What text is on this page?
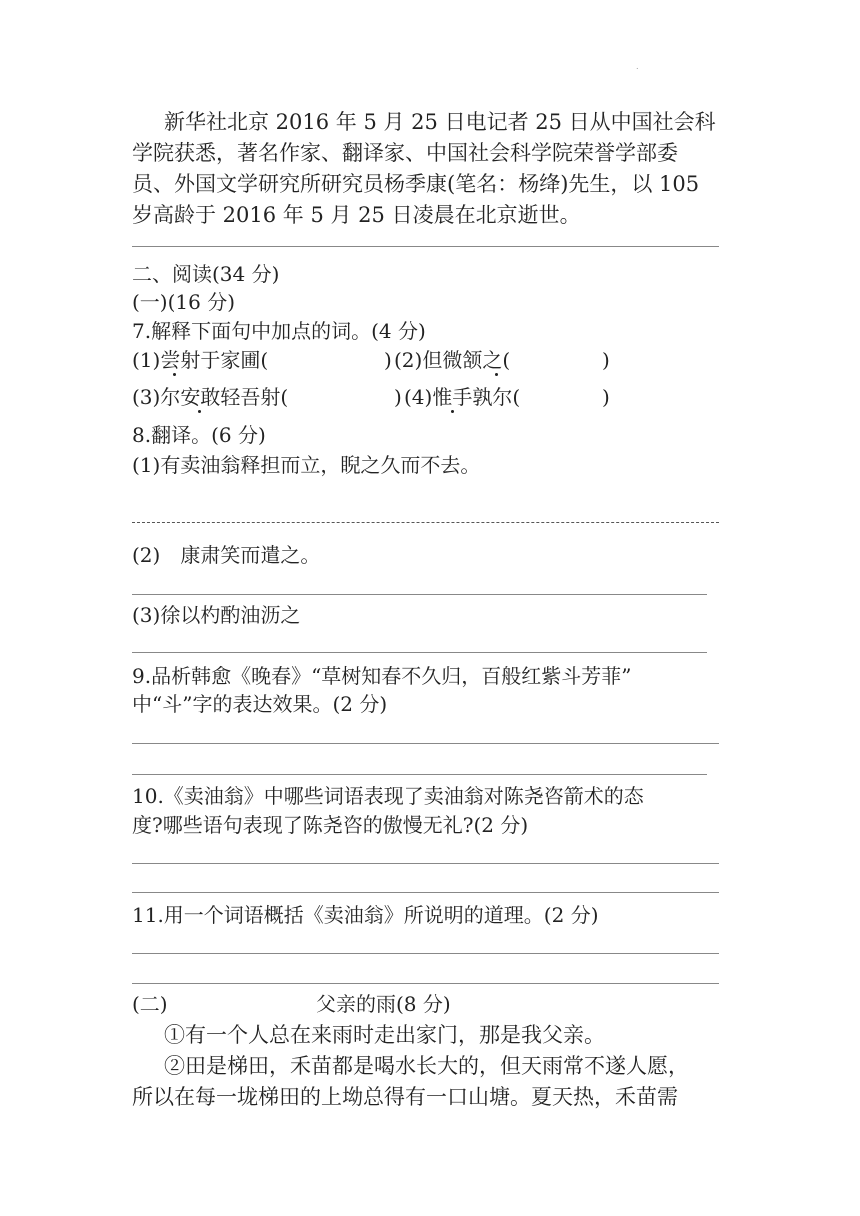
.
新华社北京 2016 年 5 月 25 日电记者 25 日从中国社会科
学院获悉，著名作家、翻译家、中国社会科学院荣誉学部委
员、外国文学研究所研究员杨季康(笔名：杨绛)先生，以 105
岁高龄于 2016 年 5 月 25 日凌晨在北京逝世。
二、阅读(34 分)
(一)(16 分)
7.解释下面句中加点的词。(4 分)
(1)尝射于家圃(	) (2)但微颔之(	)
(3)尔安敢轻吾射(	) (4)惟手孰尔(	)
8.翻译。(6 分)
(1)有卖油翁释担而立，睨之久而不去。
(2)　康肃笑而遣之。
(3)徐以杓酌油沥之
9.品析韩愈《晚春》“草树知春不久归，百般红紫斗芳菲”
中“斗”字的表达效果。(2 分)
10.《卖油翁》中哪些词语表现了卖油翁对陈尧咨箭术的态
度?哪些语句表现了陈尧咨的傲慢无礼?(2 分)
11.用一个词语概括《卖油翁》所说明的道理。(2 分)
(二)	父亲的雨(8 分)
①有一个人总在来雨时走出家门，那是我父亲。
②田是梯田，禾苗都是喝水长大的，但天雨常不遂人愿，
所以在每一垅梯田的上坳总得有一口山塘。夏天热，禾苗需
